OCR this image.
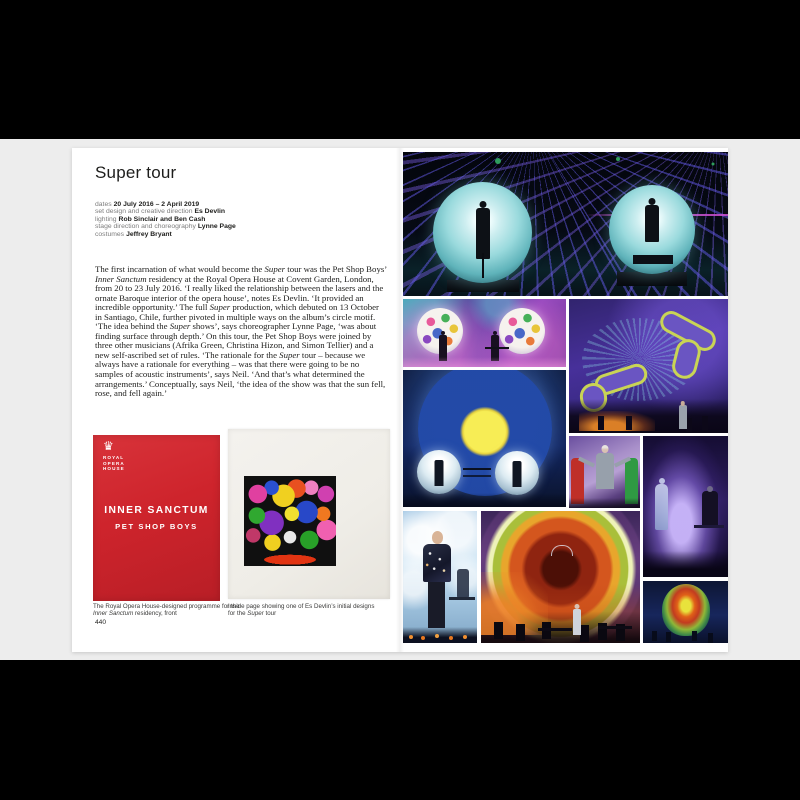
Super tour
dates 20 July 2016 – 2 April 2019
set design and creative direction Es Devlin
lighting Rob Sinclair and Ben Cash
stage direction and choreography Lynne Page
costumes Jeffrey Bryant
The first incarnation of what would become the Super tour was the Pet Shop Boys’ Inner Sanctum residency at the Royal Opera House at Covent Garden, London, from 20 to 23 July 2016. ‘I really liked the relationship between the lasers and the ornate Baroque interior of the opera house’, notes Es Devlin. ‘It provided an incredible opportunity.’ The full Super production, which debuted on 13 October in Santiago, Chile, further pivoted in multiple ways on the album’s circle motif. ‘The idea behind the Super shows’, says choreographer Lynne Page, ‘was about finding surface through depth.’ On this tour, the Pet Shop Boys were joined by three other musicians (Afrika Green, Christina Hizon, and Simon Tellier) and a new self-ascribed set of rules. ‘The rationale for the Super tour – because we always have a rationale for everything – was that there were going to be no samples of acoustic instruments’, says Neil. ‘And that’s what determined the arrangements.’ Conceptually, says Neil, ‘the idea of the show was that the sun fell, rose, and fell again.’
♛
ROYAL
OPERA
HOUSE
INNER SANCTUM
PET SHOP BOYS
The Royal Opera House-designed programme for the Inner Sanctum residency, front
Inside page showing one of Es Devlin’s initial designs for the Super tour
440
